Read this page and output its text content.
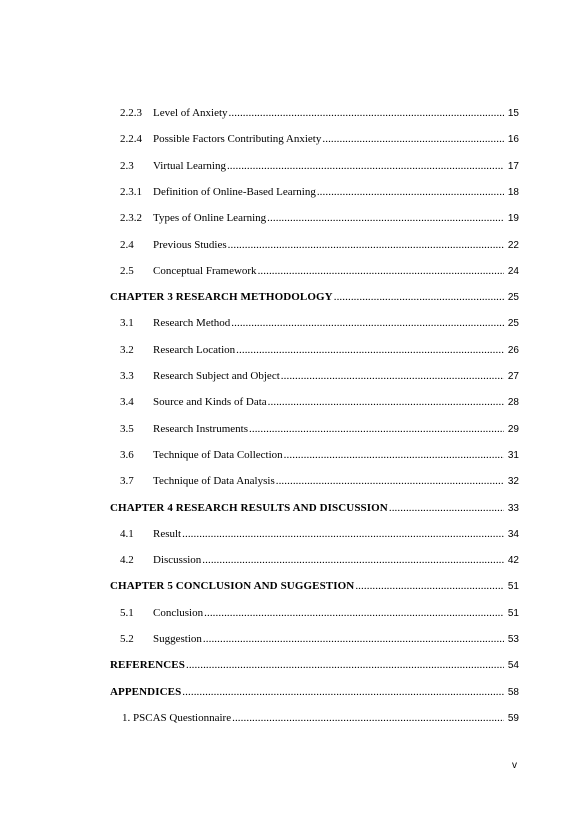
2.2.3	Level of Anxiety .....	15
2.2.4	Possible Factors Contributing Anxiety .....	16
2.3	Virtual Learning .....	17
2.3.1	Definition of Online-Based Learning .....	18
2.3.2	Types of Online Learning .....	19
2.4	Previous Studies .....	22
2.5	Conceptual Framework .....	24
CHAPTER 3 RESEARCH METHODOLOGY .....	25
3.1	Research Method .....	25
3.2	Research Location .....	26
3.3	Research Subject and Object .....	27
3.4	Source and Kinds of Data .....	28
3.5	Research Instruments .....	29
3.6	Technique of Data Collection .....	31
3.7	Technique of Data Analysis .....	32
CHAPTER 4 RESEARCH RESULTS AND DISCUSSION .....	33
4.1	Result .....	34
4.2	Discussion .....	42
CHAPTER 5 CONCLUSION AND SUGGESTION .....	51
5.1	Conclusion .....	51
5.2	Suggestion .....	53
REFERENCES .....	54
APPENDICES .....	58
1. PSCAS Questionnaire .....	59
v
